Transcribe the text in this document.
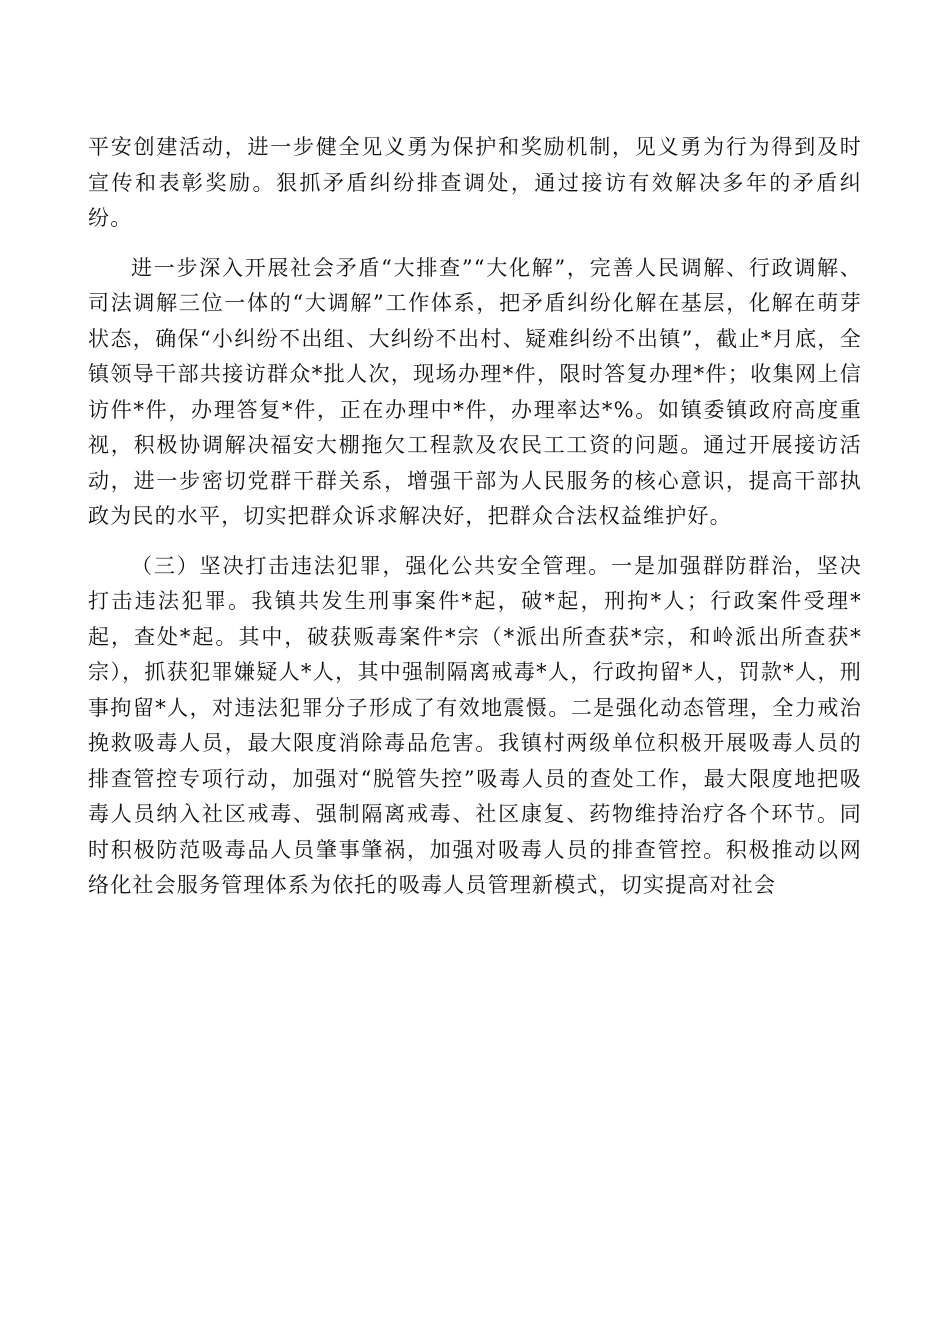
平安创建活动，进一步健全见义勇为保护和奖励机制，见义勇为行为得到及时宣传和表彰奖励。狠抓矛盾纠纷排查调处，通过接访有效解决多年的矛盾纠纷。

进一步深入开展社会矛盾“大排查”“大化解”，完善人民调解、行政调解、司法调解三位一体的“大调解”工作体系，把矛盾纠纷化解在基层，化解在萌芽状态，确保“小纠纷不出组、大纠纷不出村、疑难纠纷不出镇”，截止*月底，全镇领导干部共接访群众*批人次，现场办理*件，限时答复办理*件；收集网上信访件*件，办理答复*件，正在办理中*件，办理率达*%。如镇委镇政府高度重视，积极协调解决福安大棚拖欠工程款及农民工工资的问题。通过开展接访活动，进一步密切党群干群关系，增强干部为人民服务的核心意识，提高干部执政为民的水平，切实把群众诉求解决好，把群众合法权益维护好。

（三）坚决打击违法犯罪，强化公共安全管理。一是加强群防群治，坚决打击违法犯罪。我镇共发生刑事案件*起，破*起，刑拘*人；行政案件受理*起，查处*起。其中，破获贩毒案件*宗（*派出所查获*宗，和岭派出所查获*宗），抓获犯罪嫌疑人*人，其中强制隔离戒毒*人，行政拘留*人，罚款*人，刑事拘留*人，对违法犯罪分子形成了有效地震慑。二是强化动态管理，全力戒治挽救吸毒人员，最大限度消除毒品危害。我镇村两级单位积极开展吸毒人员的排查管控专项行动，加强对“脱管失控”吸毒人员的查处工作，最大限度地把吸毒人员纳入社区戒毒、强制隔离戒毒、社区康复、药物维持治疗各个环节。同时积极防范吸毒品人员肇事肇祸，加强对吸毒人员的排查管控。积极推动以网络化社会服务管理体系为依托的吸毒人员管理新模式，切实提高对社会
